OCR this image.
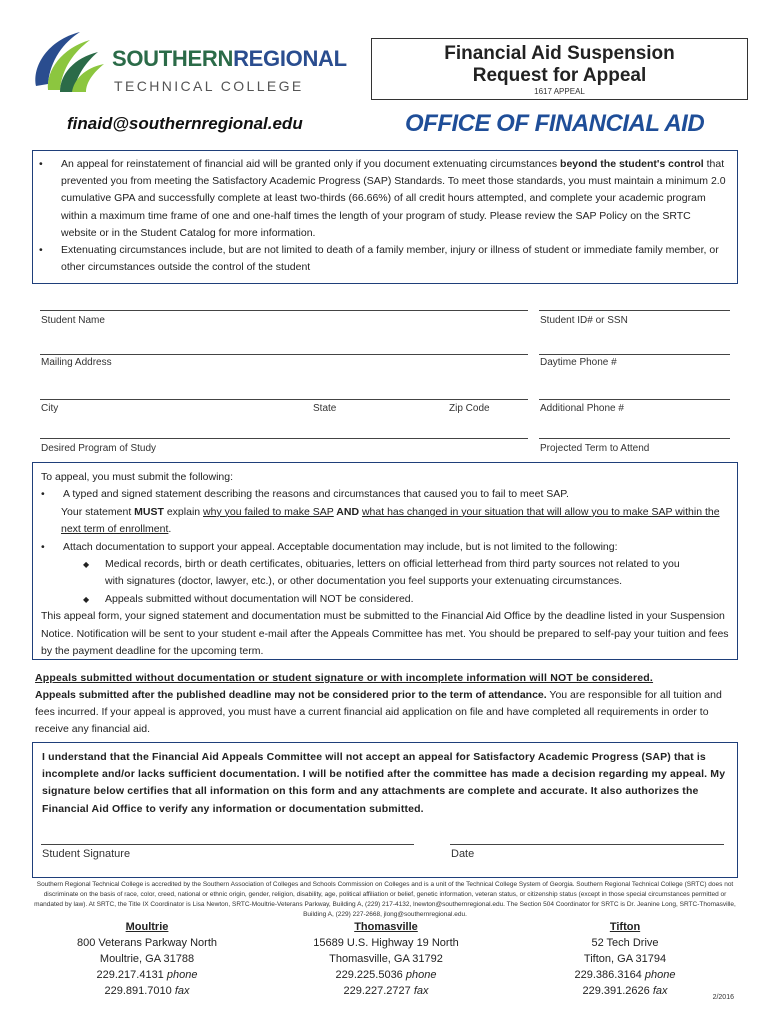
SOUTHERNREGIONAL
TECHNICAL COLLEGE
Financial Aid Suspension
Request for Appeal
1617 APPEAL
finaid@southernregional.edu	OFFICE OF FINANCIAL AID
•	An appeal for reinstatement of financial aid will be granted only if you document extenuating circumstances beyond the student's control that prevented you from meeting the Satisfactory Academic Progress (SAP) Standards. To meet those standards, you must maintain a minimum 2.0 cumulative GPA and successfully complete at least two-thirds (66.66%) of all credit hours attempted, and complete your academic program within a maximum time frame of one and one-half times the length of your program of study. Please review the SAP Policy on the SRTC website or in the Student Catalog for more information.
•	Extenuating circumstances include, but are not limited to death of a family member, injury or illness of student or immediate family member, or other circumstances outside the control of the student
Student Name	Student ID# or SSN
Mailing Address	Daytime Phone #
City	State	Zip Code	Additional Phone #
Desired Program of Study	Projected Term to Attend
To appeal, you must submit the following:
•	A typed and signed statement describing the reasons and circumstances that caused you to fail to meet SAP.
Your statement MUST explain why you failed to make SAP AND what has changed in your situation that will allow you to make SAP within the next term of enrollment.
•	Attach documentation to support your appeal. Acceptable documentation may include, but is not limited to the following:
◆	Medical records, birth or death certificates, obituaries, letters on official letterhead from third party sources not related to you
with signatures (doctor, lawyer, etc.), or other documentation you feel supports your extenuating circumstances.
◆	Appeals submitted without documentation will NOT be considered.
This appeal form, your signed statement and documentation must be submitted to the Financial Aid Office by the deadline listed in your Suspension Notice. Notification will be sent to your student e-mail after the Appeals Committee has met. You should be prepared to self-pay your tuition and fees by the payment deadline for the upcoming term.
Appeals submitted without documentation or student signature or with incomplete information will NOT be considered.
Appeals submitted after the published deadline may not be considered prior to the term of attendance. You are responsible for all tuition and fees incurred. If your appeal is approved, you must have a current financial aid application on file and have completed all requirements in order to receive any financial aid.
I understand that the Financial Aid Appeals Committee will not accept an appeal for Satisfactory Academic Progress (SAP) that is incomplete and/or lacks sufficient documentation. I will be notified after the committee has made a decision regarding my appeal. My signature below certifies that all information on this form and any attachments are complete and accurate. It also authorizes the Financial Aid Office to verify any information or documentation submitted.
Student Signature	Date
Southern Regional Technical College is accredited by the Southern Association of Colleges and Schools Commission on Colleges and is a unit of the Technical College System of Georgia. Southern Regional Technical College (SRTC) does not discriminate on the basis of race, color, creed, national or ethnic origin, gender, religion, disability, age, political affiliation or belief, genetic information, veteran status, or citizenship status (except in those special circumstances permitted or mandated by law). At SRTC, the Title IX Coordinator is Lisa Newton, SRTC-Moultrie-Veterans Parkway, Building A, (229) 217-4132, lnewton@southernregional.edu. The Section 504 Coordinator for SRTC is Dr. Jeanine Long, SRTC-Thomasville, Building A, (229) 227-2668, jlong@southernregional.edu.
Moultrie
800 Veterans Parkway North
Moultrie, GA 31788
229.217.4131 phone
229.891.7010 fax
Thomasville
15689 U.S. Highway 19 North
Thomasville, GA 31792
229.225.5036 phone
229.227.2727 fax
Tifton
52 Tech Drive
Tifton, GA 31794
229.386.3164 phone
229.391.2626 fax
2/2016
